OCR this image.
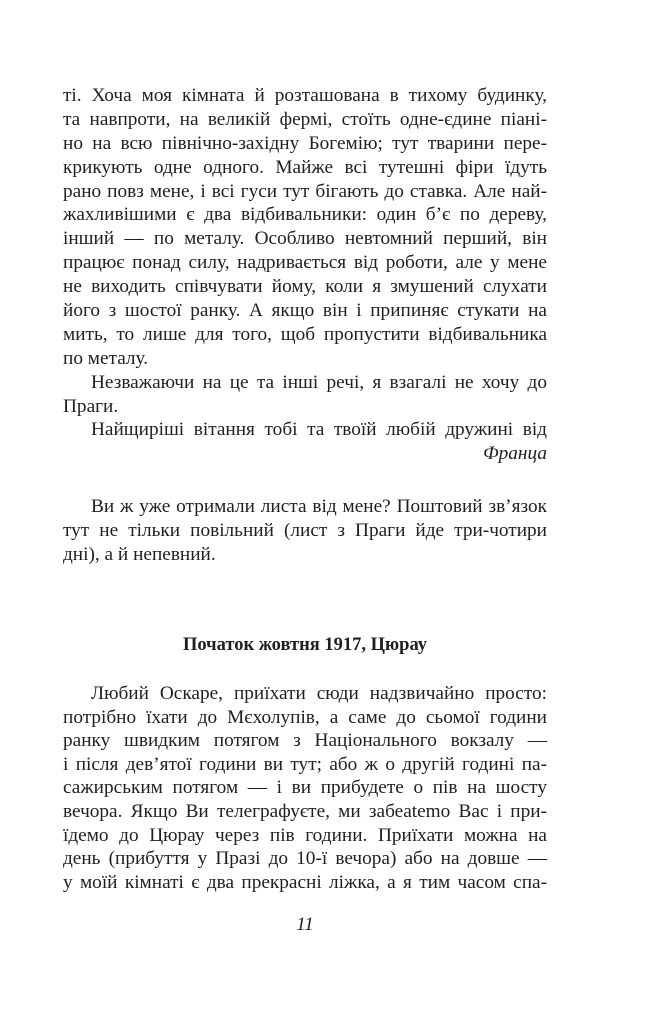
ті. Хоча моя кімната й розташована в тихому будинку,
та навпроти, на великій фермі, стоїть одне-єдине піані-
но на всю північно-західну Богемію; тут тварини пере-
крикують одне одного. Майже всі тутешні фіри їдуть
рано повз мене, і всі гуси тут бігають до ставка. Але най-
жахливішими є два відбивальники: один б’є по дереву,
інший — по металу. Особливо невтомний перший, він
працює понад силу, надривається від роботи, але у мене
не виходить співчувати йому, коли я змушений слухати
його з шостої ранку. А якщо він і припиняє стукати на
мить, то лише для того, щоб пропустити відбивальника
по металу.
Незважаючи на це та інші речі, я взагалі не хочу до
Праги.
Найщиріші вітання тобі та твоїй любій дружині від
Франца
Ви ж уже отримали листа від мене? Поштовий зв’язок
тут не тільки повільний (лист з Праги йде три-чотири
дні), а й непевний.
Початок жовтня 1917, Цюрау
Любий Оскаре, приїхати сюди надзвичайно просто:
потрібно їхати до Мєхолупів, а саме до сьомої години
ранку швидким потягом з Національного вокзалу —
і після дев’ятої години ви тут; або ж о другій годині па-
сажирським потягом — і ви прибудете о пів на шосту
вечора. Якщо Ви телеграфуєте, ми забеatemo Вас і при-
їдемо до Цюрау через пів години. Приїхати можна на
день (прибуття у Празі до 10-ї вечора) або на довше —
у моїй кімнаті є два прекрасні ліжка, а я тим часом спа-
11
